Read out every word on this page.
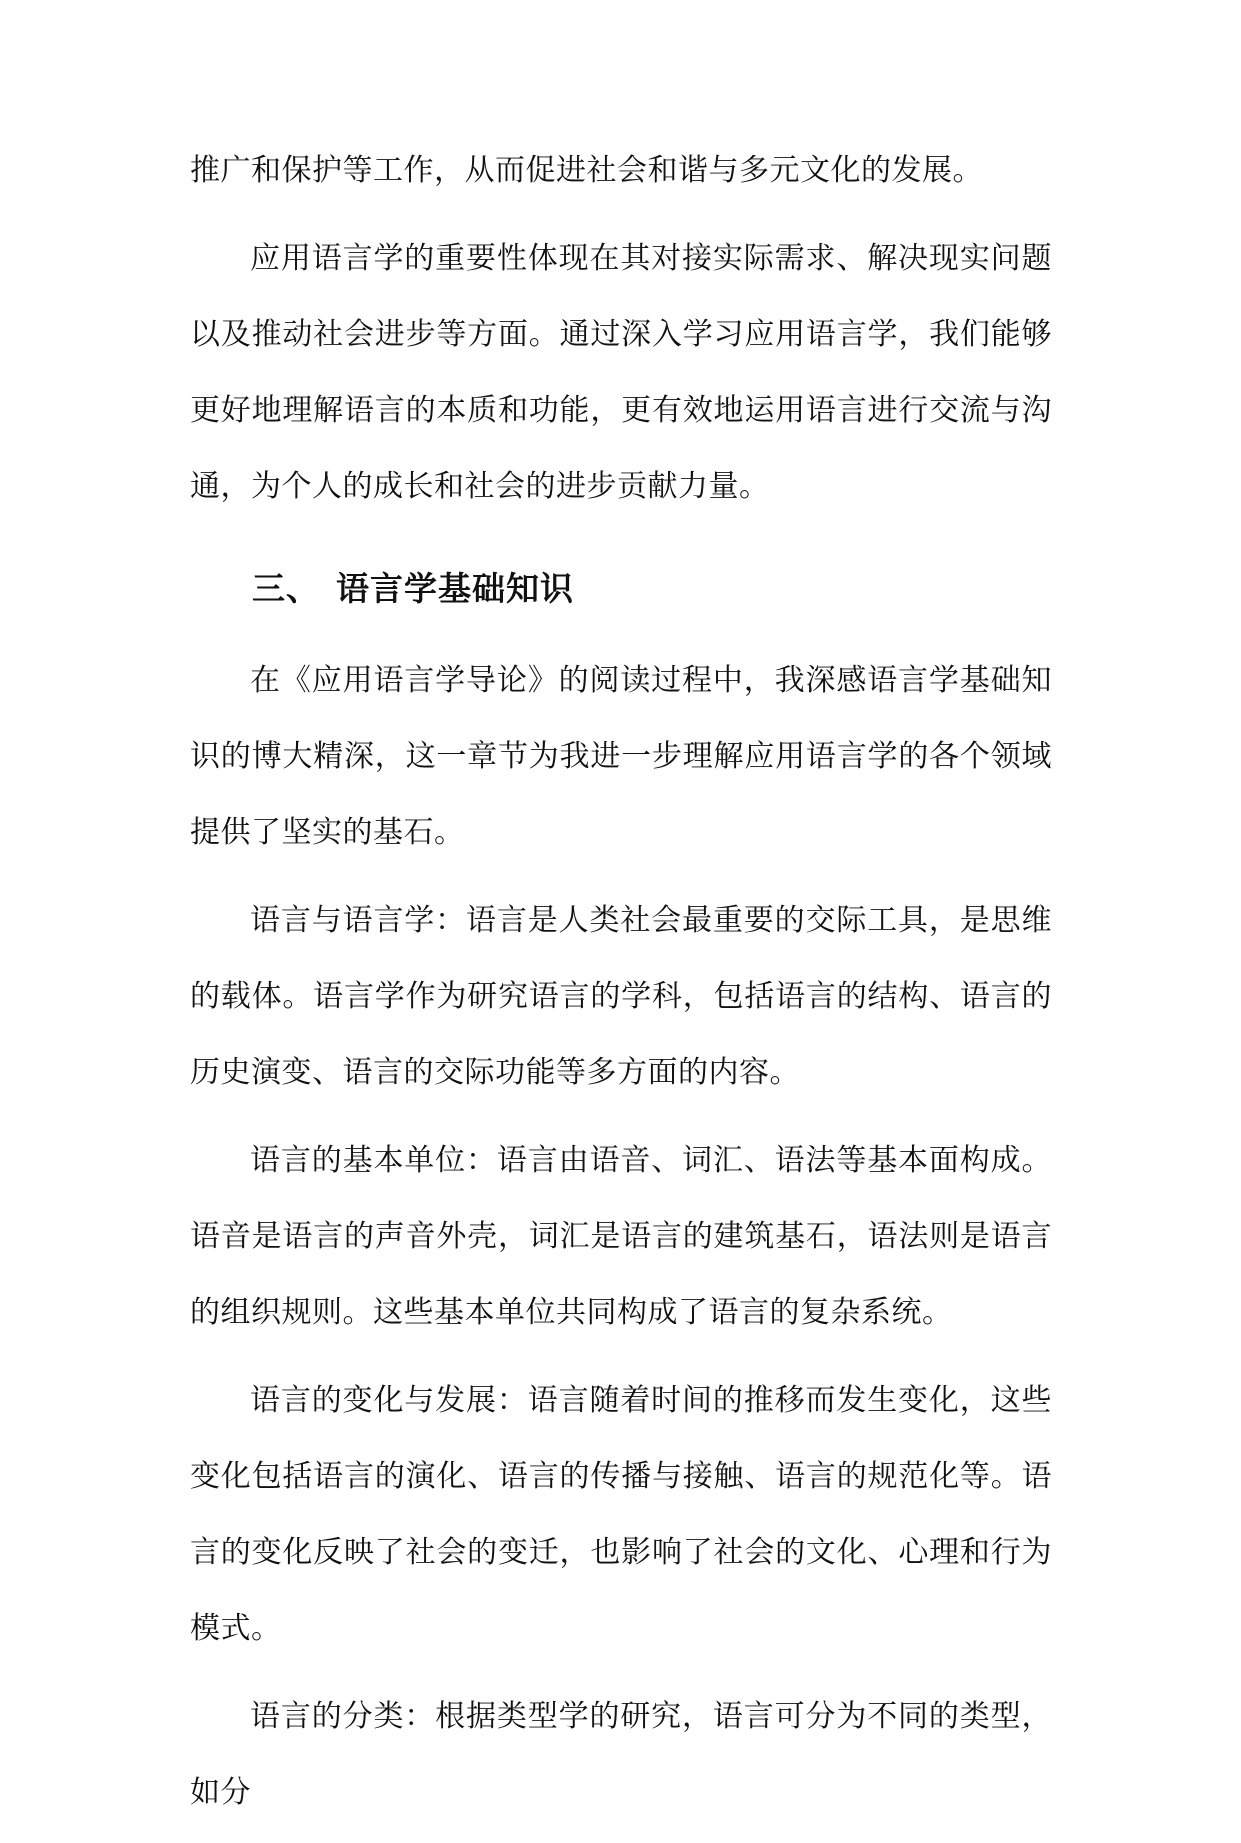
推广和保护等工作，从而促进社会和谐与多元文化的发展。

应用语言学的重要性体现在其对接实际需求、解决现实问题以及推动社会进步等方面。通过深入学习应用语言学，我们能够更好地理解语言的本质和功能，更有效地运用语言进行交流与沟通，为个人的成长和社会的进步贡献力量。

三、 语言学基础知识

在《应用语言学导论》的阅读过程中，我深感语言学基础知识的博大精深，这一章节为我进一步理解应用语言学的各个领域提供了坚实的基石。

语言与语言学：语言是人类社会最重要的交际工具，是思维的载体。语言学作为研究语言的学科，包括语言的结构、语言的历史演变、语言的交际功能等多方面的内容。

语言的基本单位：语言由语音、词汇、语法等基本面构成。语音是语言的声音外壳，词汇是语言的建筑基石，语法则是语言的组织规则。这些基本单位共同构成了语言的复杂系统。

语言的变化与发展：语言随着时间的推移而发生变化，这些变化包括语言的演化、语言的传播与接触、语言的规范化等。语言的变化反映了社会的变迁，也影响了社会的文化、心理和行为模式。

语言的分类：根据类型学的研究，语言可分为不同的类型，如分
